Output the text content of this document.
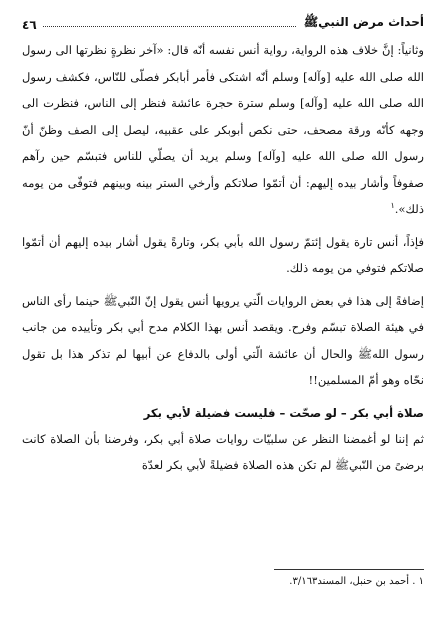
أحداث مرض النبيﷺ
٤٦

وثانياً: إنَّ خلاف هذه الرواية، رواية أنس نفسه أنّه قال: «آخر نظرةٍ نظرتها الى رسول الله صلى الله عليه [وآله] وسلم أنّه اشتكى فأمر أبابكر فصلّى للنّاس، فكشف رسول الله صلى الله عليه [وآله] وسلم سترة حجرة عائشة فنظر إلى الناس، فنظرت الى وجهه كأنّه ورقة مصحف، حتى نكص أبوبكر على عقبيه، ليصل إلى الصف وظنّ أنّ رسول الله صلى الله عليه [وآله] وسلم يريد أن يصلّي للناس فتبسّم حين رآهم صفوفاً وأشار بيده إليهم: أن أتمّوا صلاتكم وأرخي الستر بينه وبينهم فتوفّى من يومه ذلك».$^١$

فإذاً، أنس تارة يقول إئتمّ رسول الله بأبي بكر، وتارةً يقول أشار بيده إليهم أن أتمّوا صلاتكم فتوفي من يومه ذلك.

إضافةً إلى هذا في بعض الروايات الّتي يرويها أنس يقول إنّ النّبيﷺ حينما رأى الناس في هيئة الصلاة تبسّم وفرح. ويقصد أنس بهذا الكلام مدح أبي بكر وتأييده من جانب رسول اللهﷺ والحال أن عائشة الّتي أولى بالدفاع عن أبيها لم تذكر هذا بل تقول نحّاه وهو أمّ المسلمين!!

صلاة أبي بكر – لو صحّت – فليست فضيلة لأبي بكر

ثم إننا لو أغمضنا النظر عن سلبيّات روايات صلاة أبي بكر، وفرضنا بأن الصلاة كانت برضىً من النّبيﷺ لم تكن هذه الصلاة فضيلةً لأبي بكر لعدّة

١ . أحمد بن حنبل، المسند٣/١٦٣.
